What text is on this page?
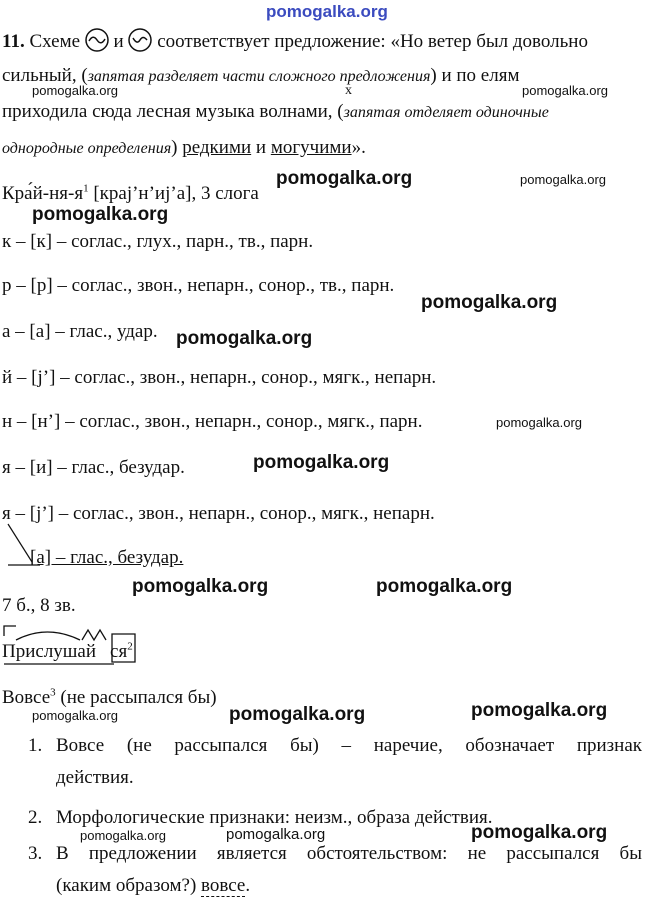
pomogalka.org
11. Схеме и соответствует предложение: «Но ветер был довольно
сильный, (запятая разделяет части сложного предложения) и по елям
pomogalka.org	x	pomogalka.org
приходила сюда лесная музыка волнами, (запятая отделяет одиночные
однородные определения) редкими и могучими».
$Кра́й-ня-я^1$ [крaj’н’иj’а], 3 слога
pomogalka.org	pomogalka.org
pomogalka.org
к – [к] – соглас., глух., парн., тв., парн.
р – [р] – соглас., звон., непарн., сонор., тв., парн.
pomogalka.org
а – [а] – глас., удар. pomogalka.org
й – [j’] – соглас., звон., непарн., сонор., мягк., непарн.
н – [н’] – соглас., звон., непарн., сонор., мягк., парн.	pomogalka.org
я – [и] – глас., безудар.	pomogalka.org
я – [j’] – соглас., звон., непарн., сонор., мягк., непарн.
[а] – глас., безудар.
pomogalka.org	pomogalka.org
7 б., 8 зв.
Прислушай $ся^2$
Вовсе$^3$ (не рассыпался бы)
pomogalka.org	pomogalka.org	pomogalka.org
1. Вовсе (не рассыпался бы) – наречие, обозначает признак
действия.
2. Морфологические признаки: неизм., образа действия.
pomogalka.org	pomogalka.org	pomogalka.org
3. В предложении является обстоятельством: не рассыпался бы
(каким образом?) вовсе.
